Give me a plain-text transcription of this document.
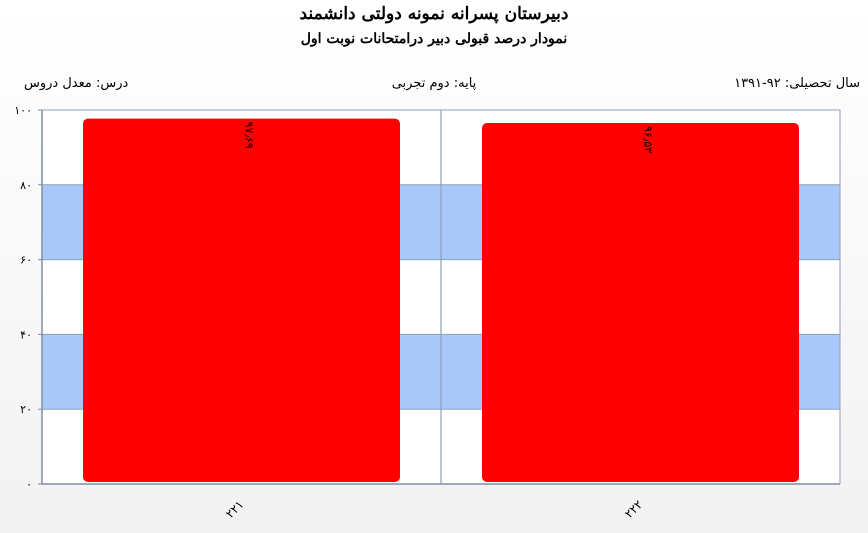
دبیرستان پسرانه نمونه دولتی دانشمند
نمودار درصد قبولی دبیر درامتحانات نوبت اول
سال تحصیلی: ۹۲-۱۳۹۱
پایه: دوم تجربی
درس: معدل دروس
۰
۲۰
۴۰
۶۰
۸۰
۱۰۰
۲۲۱	۲۲۲
۹۷٫۶۹	۹۶٫۵۳
